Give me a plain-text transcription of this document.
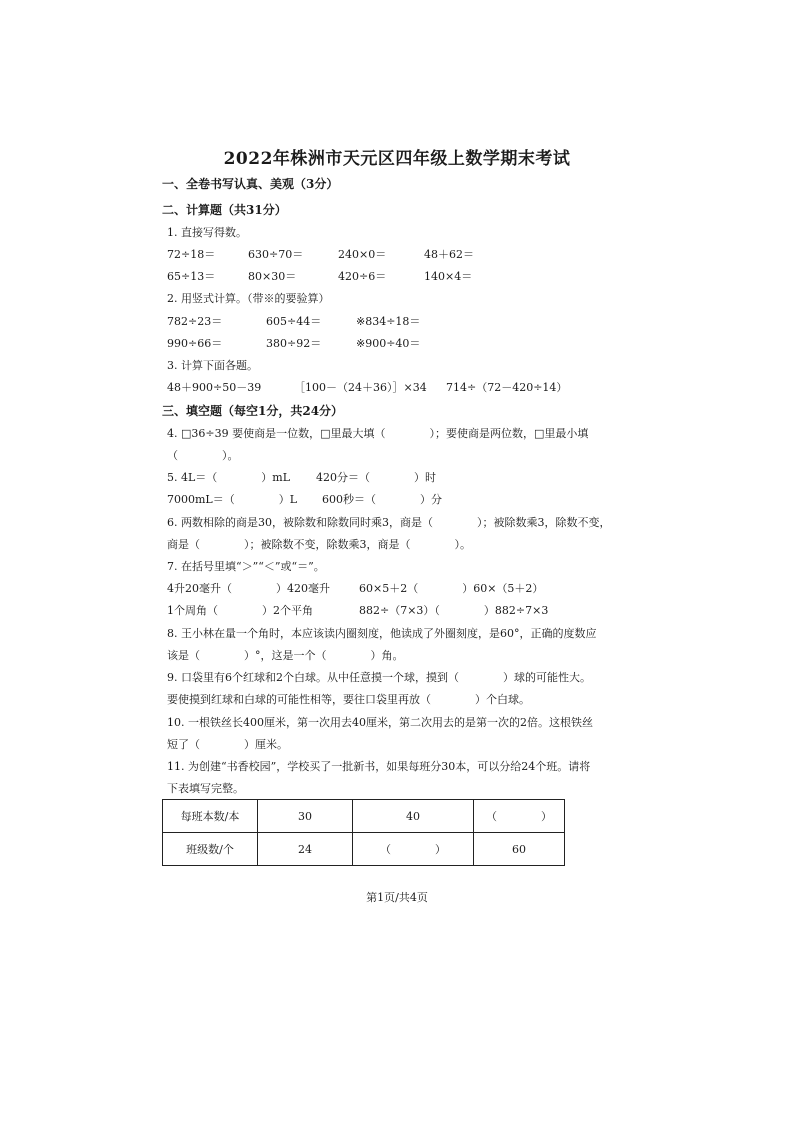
2022年株洲市天元区四年级上数学期末考试
一、全卷书写认真、美观（3分）
二、计算题（共31分）
1. 直接写得数。
72÷18＝	630÷70＝	240×0＝	48＋62＝
65÷13＝	80×30＝	420÷6＝	140×4＝
2. 用竖式计算。（带※的要验算）
782÷23＝	605÷44＝	※834÷18＝
990÷66＝	380÷92＝	※900÷40＝
3. 计算下面各题。
48＋900÷50－39	［100－（24＋36）］×34 714÷（72－420÷14）
三、填空题（每空1分，共24分）
4. □36÷39 要使商是一位数，□里最大填（　　　　）；要使商是两位数，□里最小填
（　　　　）。
5. 4L＝（　　　　）mL 420分＝（　　　　）时
7000mL＝（　　　　）L 600秒＝（　　　　）分
6. 两数相除的商是30，被除数和除数同时乘3，商是（　　　　）；被除数乘3，除数不变，
商是（　　　　）；被除数不变，除数乘3，商是（　　　　）。
7. 在括号里填“＞”“＜”或“＝”。
4升20毫升（　　　　）420毫升	60×5＋2（　　　　）60×（5＋2）
1个周角（　　　　）2个平角	882÷（7×3）（　　　　）882÷7×3
8. 王小林在量一个角时，本应该读内圈刻度，他读成了外圈刻度，是60°，正确的度数应
该是（　　　　）°，这是一个（　　　　）角。
9. 口袋里有6个红球和2个白球。从中任意摸一个球，摸到（　　　　）球的可能性大。
要使摸到红球和白球的可能性相等，要往口袋里再放（　　　　）个白球。
10. 一根铁丝长400厘米，第一次用去40厘米，第二次用去的是第一次的2倍。这根铁丝
短了（　　　　）厘米。
11. 为创建“书香校园”，学校买了一批新书，如果每班分30本，可以分给24个班。请将
下表填写完整。
每班本数/本	30	40	（　　　　）
班级数/个	24	（　　　　）	60
第1页/共4页
